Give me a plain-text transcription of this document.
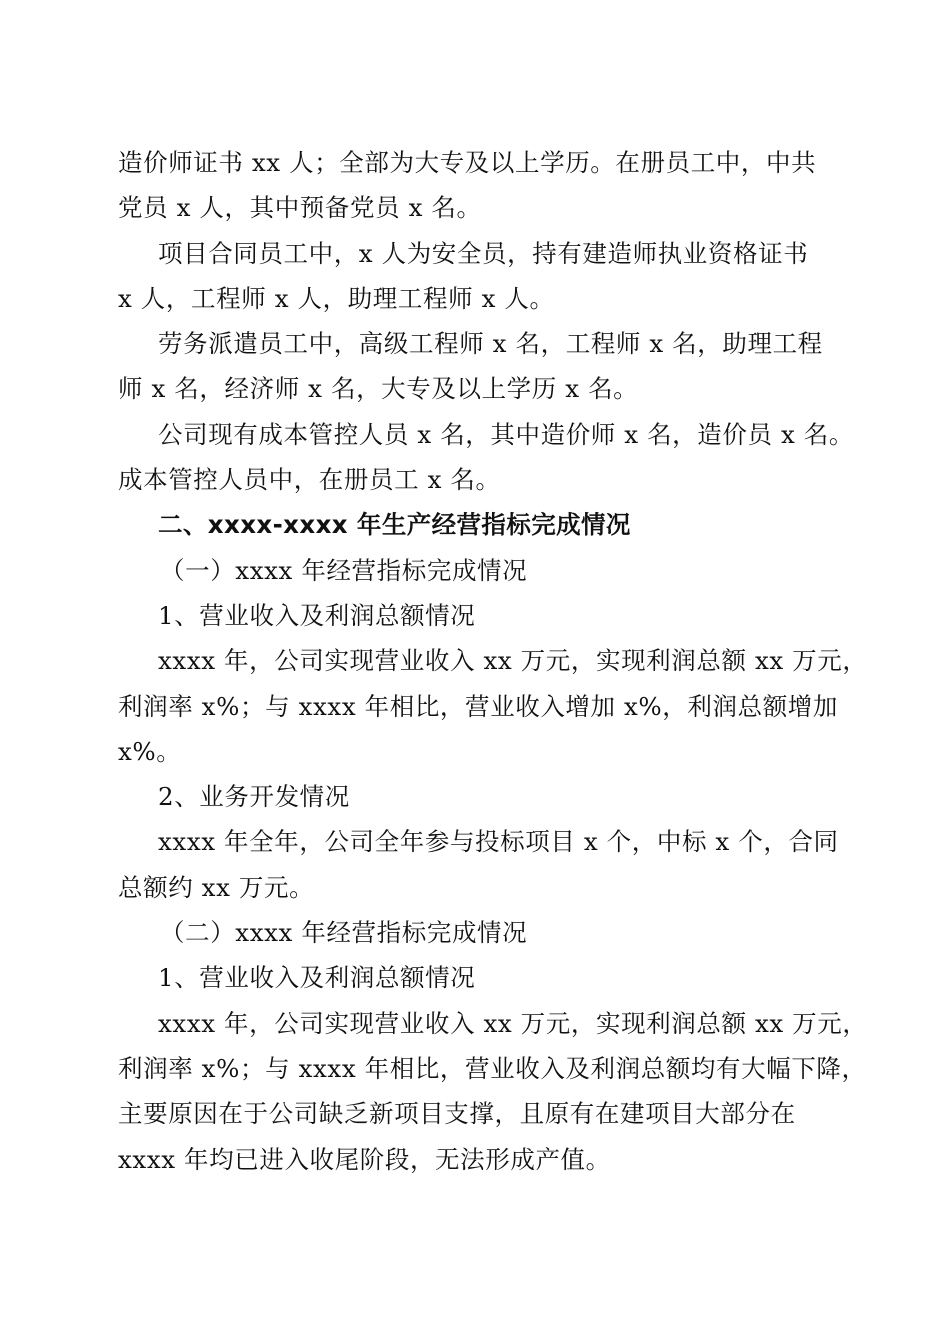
造价师证书 xx 人；全部为大专及以上学历。在册员工中，中共

党员 x 人，其中预备党员 x 名。

项目合同员工中，x 人为安全员，持有建造师执业资格证书

x 人，工程师 x 人，助理工程师 x 人。

劳务派遣员工中，高级工程师 x 名，工程师 x 名，助理工程

师 x 名，经济师 x 名，大专及以上学历 x 名。

公司现有成本管控人员 x 名，其中造价师 x 名，造价员 x 名。

成本管控人员中，在册员工 x 名。

二、xxxx-xxxx 年生产经营指标完成情况

（一）xxxx 年经营指标完成情况

1、营业收入及利润总额情况

xxxx 年，公司实现营业收入 xx 万元，实现利润总额 xx 万元，

利润率 x%；与 xxxx 年相比，营业收入增加 x%，利润总额增加

x%。

2、业务开发情况

xxxx 年全年，公司全年参与投标项目 x 个，中标 x 个，合同

总额约 xx 万元。

（二）xxxx 年经营指标完成情况

1、营业收入及利润总额情况

xxxx 年，公司实现营业收入 xx 万元，实现利润总额 xx 万元，

利润率 x%；与 xxxx 年相比，营业收入及利润总额均有大幅下降，

主要原因在于公司缺乏新项目支撑，且原有在建项目大部分在

xxxx 年均已进入收尾阶段，无法形成产值。
